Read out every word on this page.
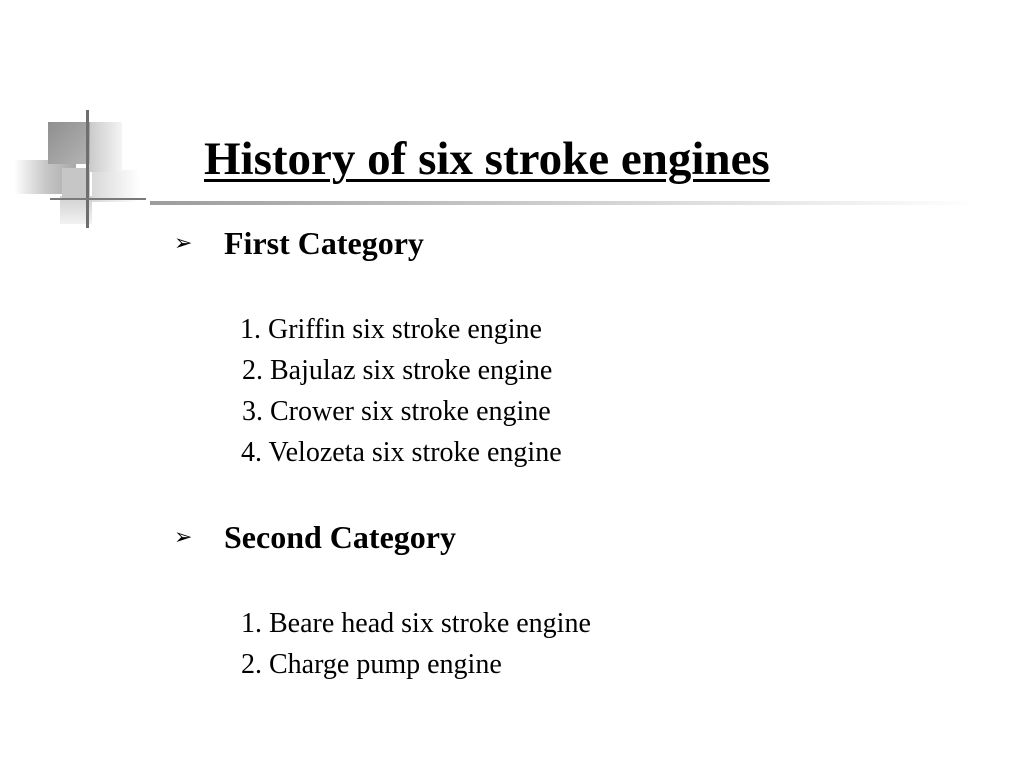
History of six stroke engines
➢ First Category
1. Griffin six stroke engine
2. Bajulaz six stroke engine
3. Crower six stroke engine
4. Velozeta six stroke engine
➢ Second Category
1. Beare head six stroke engine
2. Charge pump engine
